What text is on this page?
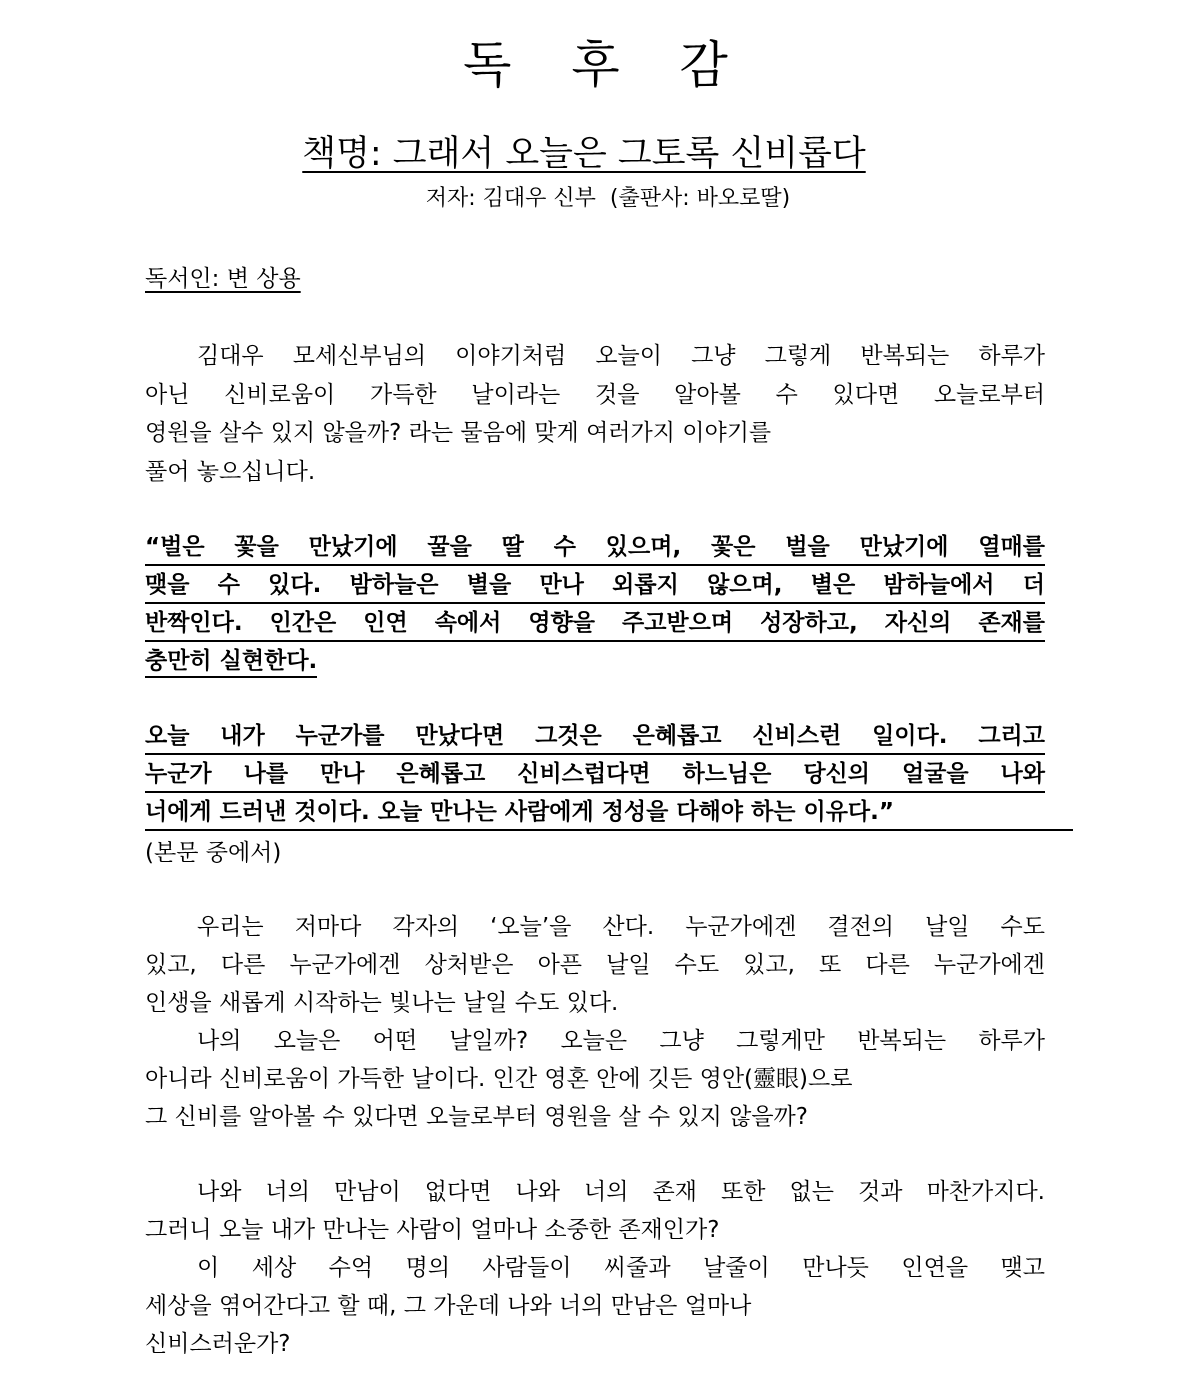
독 후 감
책명: 그래서 오늘은 그토록 신비롭다
저자: 김대우 신부  (출판사: 바오로딸)
독서인: 변 상용
김대우 모세신부님의 이야기처럼 오늘이 그냥 그렇게 반복되는 하루가
아닌 신비로움이 가득한 날이라는 것을 알아볼 수 있다면 오늘로부터
영원을 살수 있지 않을까? 라는 물음에 맞게 여러가지 이야기를
풀어 놓으십니다.
“벌은 꽃을 만났기에 꿀을 딸 수 있으며, 꽃은 벌을 만났기에 열매를
맺을 수 있다. 밤하늘은 별을 만나 외롭지 않으며, 별은 밤하늘에서 더
반짝인다. 인간은 인연 속에서 영향을 주고받으며 성장하고, 자신의 존재를
충만히 실현한다.
오늘 내가 누군가를 만났다면 그것은 은혜롭고 신비스런 일이다. 그리고
누군가 나를 만나 은혜롭고 신비스럽다면 하느님은 당신의 얼굴을 나와
너에게 드러낸 것이다. 오늘 만나는 사람에게 정성을 다해야 하는 이유다.”
(본문 중에서)
우리는 저마다 각자의 ‘오늘’을 산다. 누군가에겐 결전의 날일 수도
있고, 다른 누군가에겐 상처받은 아픈 날일 수도 있고, 또 다른 누군가에겐
인생을 새롭게 시작하는 빛나는 날일 수도 있다.
나의 오늘은 어떤 날일까? 오늘은 그냥 그렇게만 반복되는 하루가
아니라 신비로움이 가득한 날이다. 인간 영혼 안에 깃든 영안(靈眼)으로
그 신비를 알아볼 수 있다면 오늘로부터 영원을 살 수 있지 않을까?
나와 너의 만남이 없다면 나와 너의 존재 또한 없는 것과 마찬가지다.
그러니 오늘 내가 만나는 사람이 얼마나 소중한 존재인가?
이 세상 수억 명의 사람들이 씨줄과 날줄이 만나듯 인연을 맺고
세상을 엮어간다고 할 때, 그 가운데 나와 너의 만남은 얼마나
신비스러운가?
